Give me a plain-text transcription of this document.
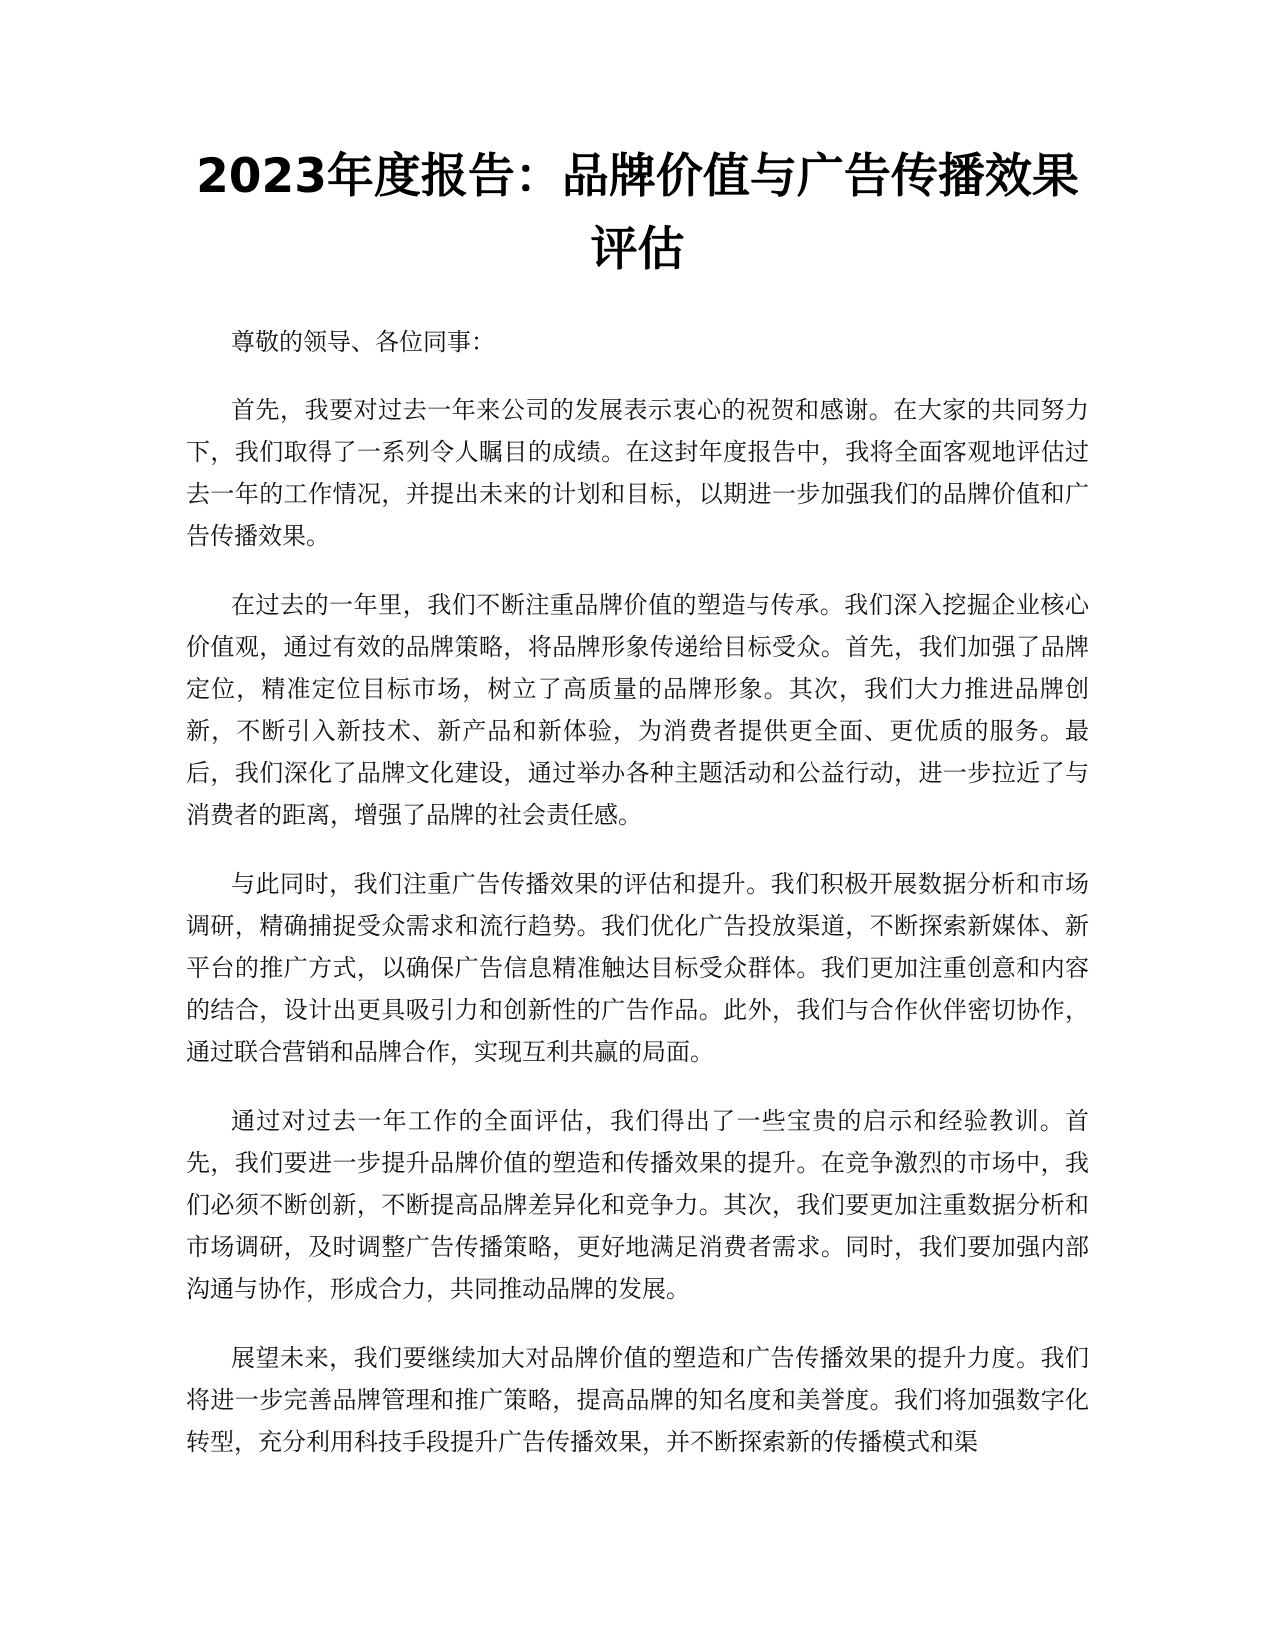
2023年度报告：品牌价值与广告传播效果评估

尊敬的领导、各位同事：

首先，我要对过去一年来公司的发展表示衷心的祝贺和感谢。在大家的共同努力下，我们取得了一系列令人瞩目的成绩。在这封年度报告中，我将全面客观地评估过去一年的工作情况，并提出未来的计划和目标，以期进一步加强我们的品牌价值和广告传播效果。

在过去的一年里，我们不断注重品牌价值的塑造与传承。我们深入挖掘企业核心价值观，通过有效的品牌策略，将品牌形象传递给目标受众。首先，我们加强了品牌定位，精准定位目标市场，树立了高质量的品牌形象。其次，我们大力推进品牌创新，不断引入新技术、新产品和新体验，为消费者提供更全面、更优质的服务。最后，我们深化了品牌文化建设，通过举办各种主题活动和公益行动，进一步拉近了与消费者的距离，增强了品牌的社会责任感。

与此同时，我们注重广告传播效果的评估和提升。我们积极开展数据分析和市场调研，精确捕捉受众需求和流行趋势。我们优化广告投放渠道，不断探索新媒体、新平台的推广方式，以确保广告信息精准触达目标受众群体。我们更加注重创意和内容的结合，设计出更具吸引力和创新性的广告作品。此外，我们与合作伙伴密切协作，通过联合营销和品牌合作，实现互利共赢的局面。

通过对过去一年工作的全面评估，我们得出了一些宝贵的启示和经验教训。首先，我们要进一步提升品牌价值的塑造和传播效果的提升。在竞争激烈的市场中，我们必须不断创新，不断提高品牌差异化和竞争力。其次，我们要更加注重数据分析和市场调研，及时调整广告传播策略，更好地满足消费者需求。同时，我们要加强内部沟通与协作，形成合力，共同推动品牌的发展。

展望未来，我们要继续加大对品牌价值的塑造和广告传播效果的提升力度。我们将进一步完善品牌管理和推广策略，提高品牌的知名度和美誉度。我们将加强数字化转型，充分利用科技手段提升广告传播效果，并不断探索新的传播模式和渠
